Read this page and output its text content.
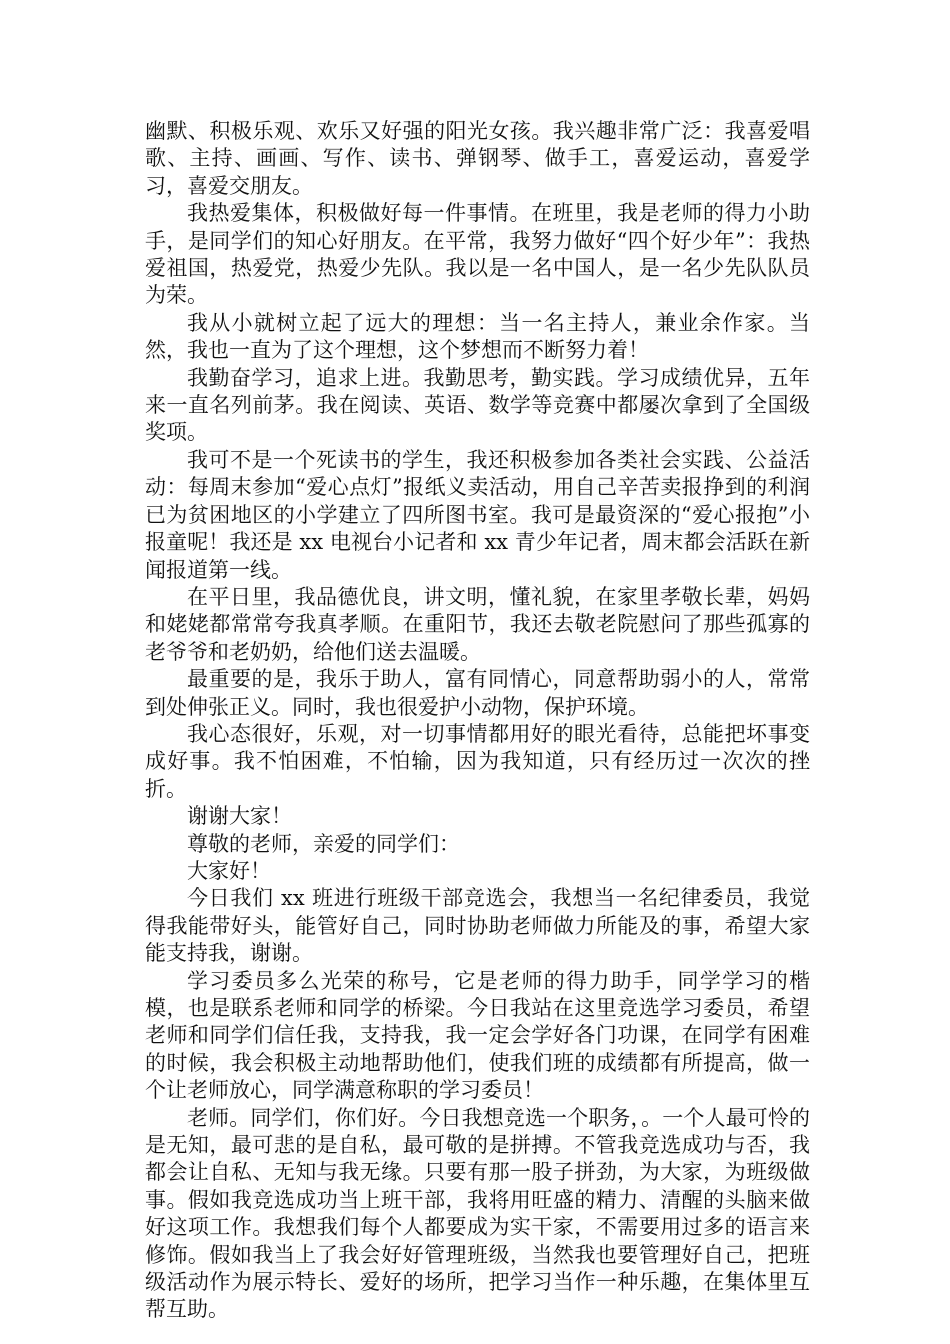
幽默、积极乐观、欢乐又好强的阳光女孩。我兴趣非常广泛：我喜爱唱歌、主持、画画、写作、读书、弹钢琴、做手工，喜爱运动，喜爱学习，喜爱交朋友。

我热爱集体，积极做好每一件事情。在班里，我是老师的得力小助手，是同学们的知心好朋友。在平常，我努力做好“四个好少年”：我热爱祖国，热爱党，热爱少先队。我以是一名中国人，是一名少先队队员为荣。

我从小就树立起了远大的理想：当一名主持人，兼业余作家。当然，我也一直为了这个理想，这个梦想而不断努力着！

我勤奋学习，追求上进。我勤思考，勤实践。学习成绩优异，五年来一直名列前茅。我在阅读、英语、数学等竞赛中都屡次拿到了全国级奖项。

我可不是一个死读书的学生，我还积极参加各类社会实践、公益活动：每周末参加“爱心点灯”报纸义卖活动，用自己辛苦卖报挣到的利润已为贫困地区的小学建立了四所图书室。我可是最资深的“爱心报抱”小报童呢！我还是 xx 电视台小记者和 xx 青少年记者，周末都会活跃在新闻报道第一线。

在平日里，我品德优良，讲文明，懂礼貌，在家里孝敬长辈，妈妈和姥姥都常常夸我真孝顺。在重阳节，我还去敬老院慰问了那些孤寡的老爷爷和老奶奶，给他们送去温暖。

最重要的是，我乐于助人，富有同情心，同意帮助弱小的人，常常到处伸张正义。同时，我也很爱护小动物，保护环境。

我心态很好，乐观，对一切事情都用好的眼光看待，总能把坏事变成好事。我不怕困难，不怕输，因为我知道，只有经历过一次次的挫折。

谢谢大家！

尊敬的老师，亲爱的同学们：

大家好！

今日我们 xx 班进行班级干部竞选会，我想当一名纪律委员，我觉得我能带好头，能管好自己，同时协助老师做力所能及的事，希望大家能支持我，谢谢。

学习委员多么光荣的称号，它是老师的得力助手，同学学习的楷模，也是联系老师和同学的桥梁。今日我站在这里竞选学习委员，希望老师和同学们信任我，支持我，我一定会学好各门功课，在同学有困难的时候，我会积极主动地帮助他们，使我们班的成绩都有所提高，做一个让老师放心，同学满意称职的学习委员！

老师。同学们，你们好。今日我想竞选一个职务，。一个人最可怜的是无知，最可悲的是自私，最可敬的是拼搏。不管我竞选成功与否，我都会让自私、无知与我无缘。只要有那一股子拼劲，为大家，为班级做事。假如我竞选成功当上班干部，我将用旺盛的精力、清醒的头脑来做好这项工作。我想我们每个人都要成为实干家，不需要用过多的语言来修饰。假如我当上了我会好好管理班级，当然我也要管理好自己，把班级活动作为展示特长、爱好的场所，把学习当作一种乐趣，在集体里互帮互助。
